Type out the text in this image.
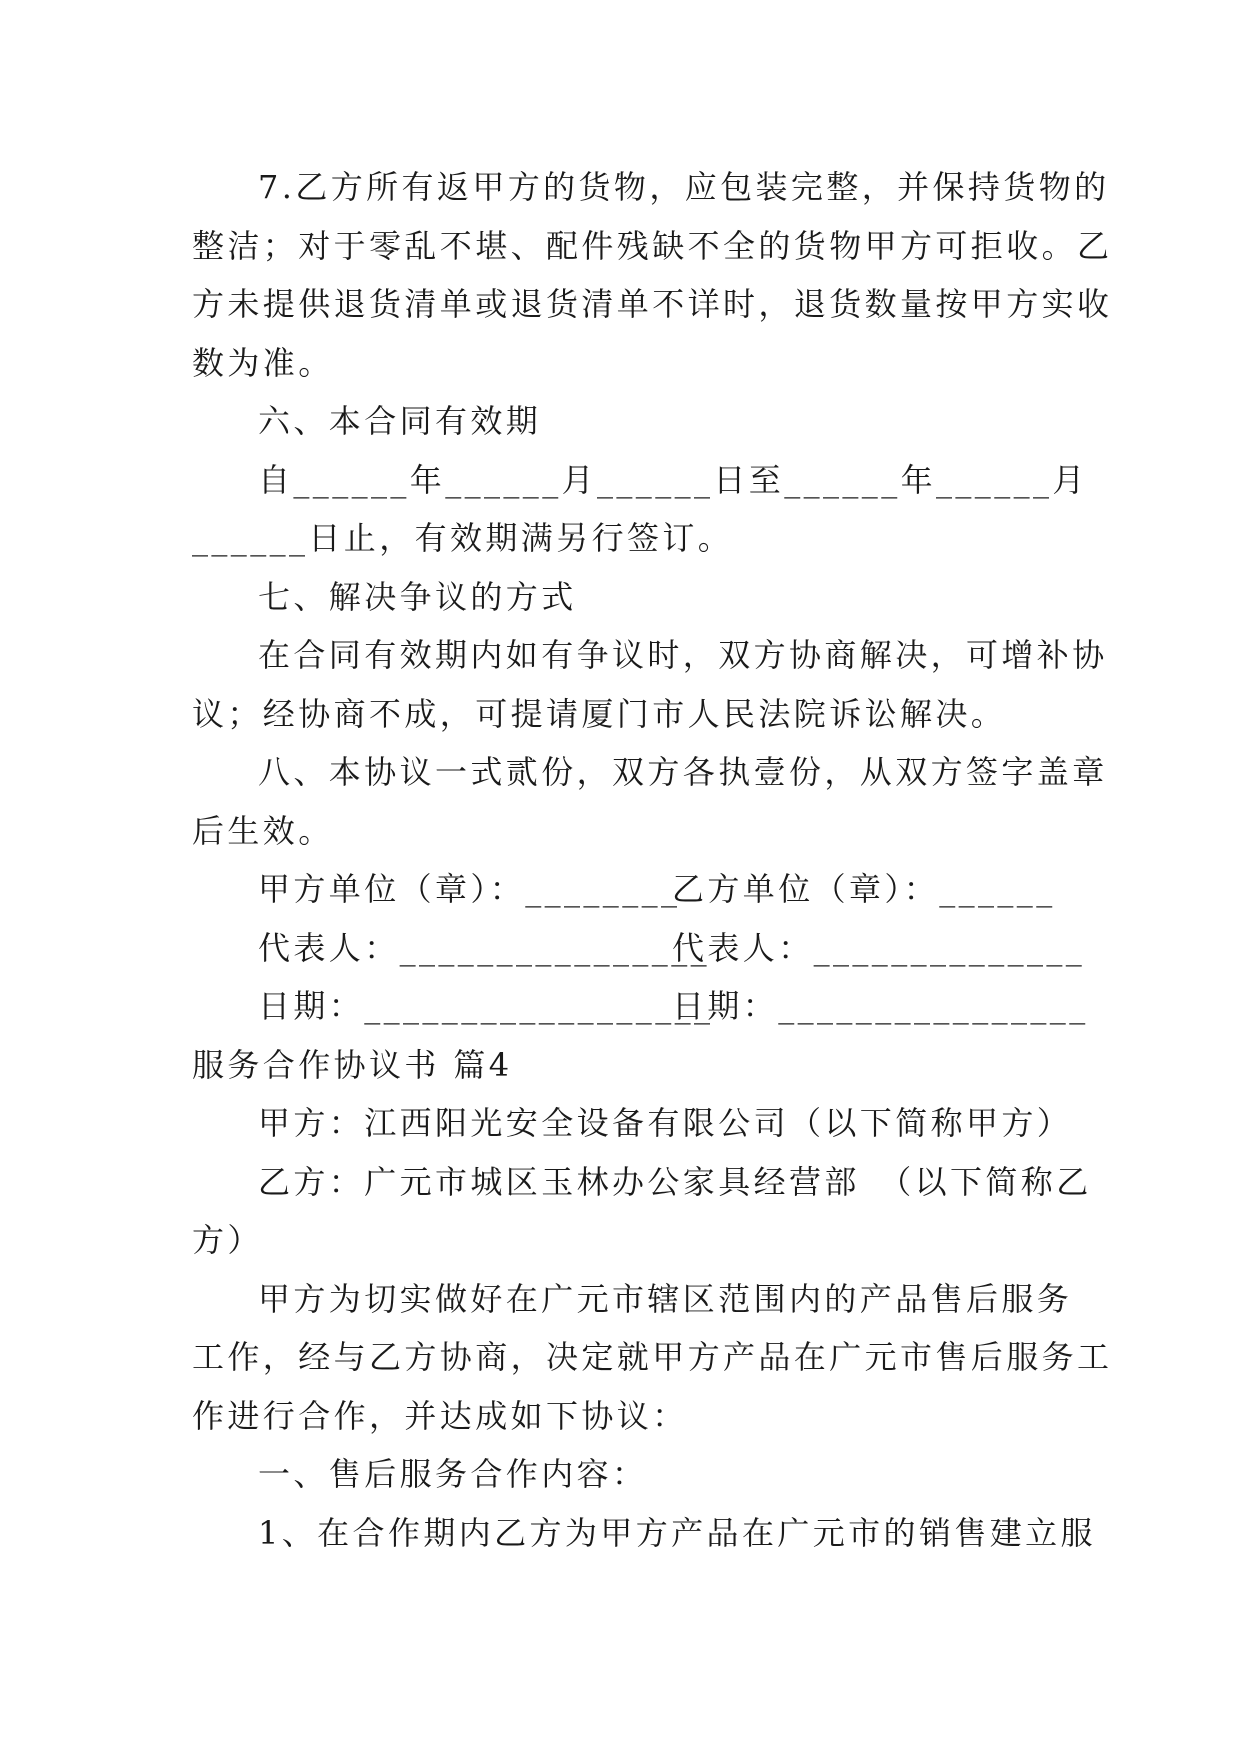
7.乙方所有返甲方的货物，应包装完整，并保持货物的
整洁；对于零乱不堪、配件残缺不全的货物甲方可拒收。乙
方未提供退货清单或退货清单不详时，退货数量按甲方实收
数为准。
六、本合同有效期
自______年______月______日至______年______月
______日止，有效期满另行签订。
七、解决争议的方式
在合同有效期内如有争议时，双方协商解决，可增补协
议；经协商不成，可提请厦门市人民法院诉讼解决。
八、本协议一式贰份，双方各执壹份，从双方签字盖章
后生效。
甲方单位（章）：________
乙方单位（章）：______
代表人：________________
代表人：______________
日期：__________________
日期：________________
服务合作协议书 篇4
甲方：江西阳光安全设备有限公司（以下简称甲方）
乙方：广元市城区玉林办公家具经营部　（以下简称乙
方）
甲方为切实做好在广元市辖区范围内的产品售后服务
工作，经与乙方协商，决定就甲方产品在广元市售后服务工
作进行合作，并达成如下协议：
一、售后服务合作内容：
1、在合作期内乙方为甲方产品在广元市的销售建立服
